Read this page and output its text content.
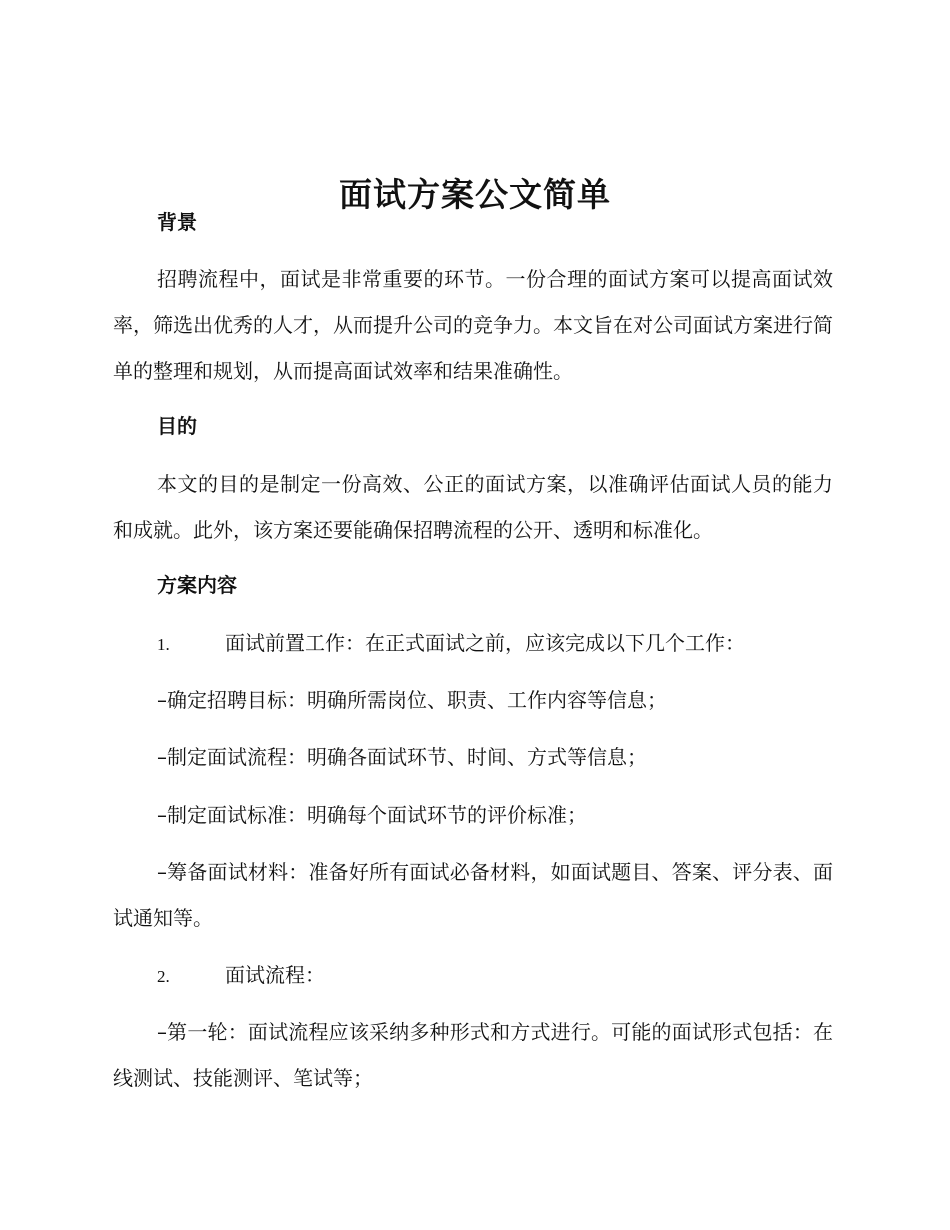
面试方案公文简单

背景

招聘流程中，面试是非常重要的环节。一份合理的面试方案可以提高面试效率，筛选出优秀的人才，从而提升公司的竞争力。本文旨在对公司面试方案进行简单的整理和规划，从而提高面试效率和结果准确性。

目的

本文的目的是制定一份高效、公正的面试方案，以准确评估面试人员的能力和成就。此外，该方案还要能确保招聘流程的公开、透明和标准化。

方案内容

1.	面试前置工作：在正式面试之前，应该完成以下几个工作：

–确定招聘目标：明确所需岗位、职责、工作内容等信息；

–制定面试流程：明确各面试环节、时间、方式等信息；

–制定面试标准：明确每个面试环节的评价标准；

–筹备面试材料：准备好所有面试必备材料，如面试题目、答案、评分表、面试通知等。

2.	面试流程：

–第一轮：面试流程应该采纳多种形式和方式进行。可能的面试形式包括：在线测试、技能测评、笔试等；
